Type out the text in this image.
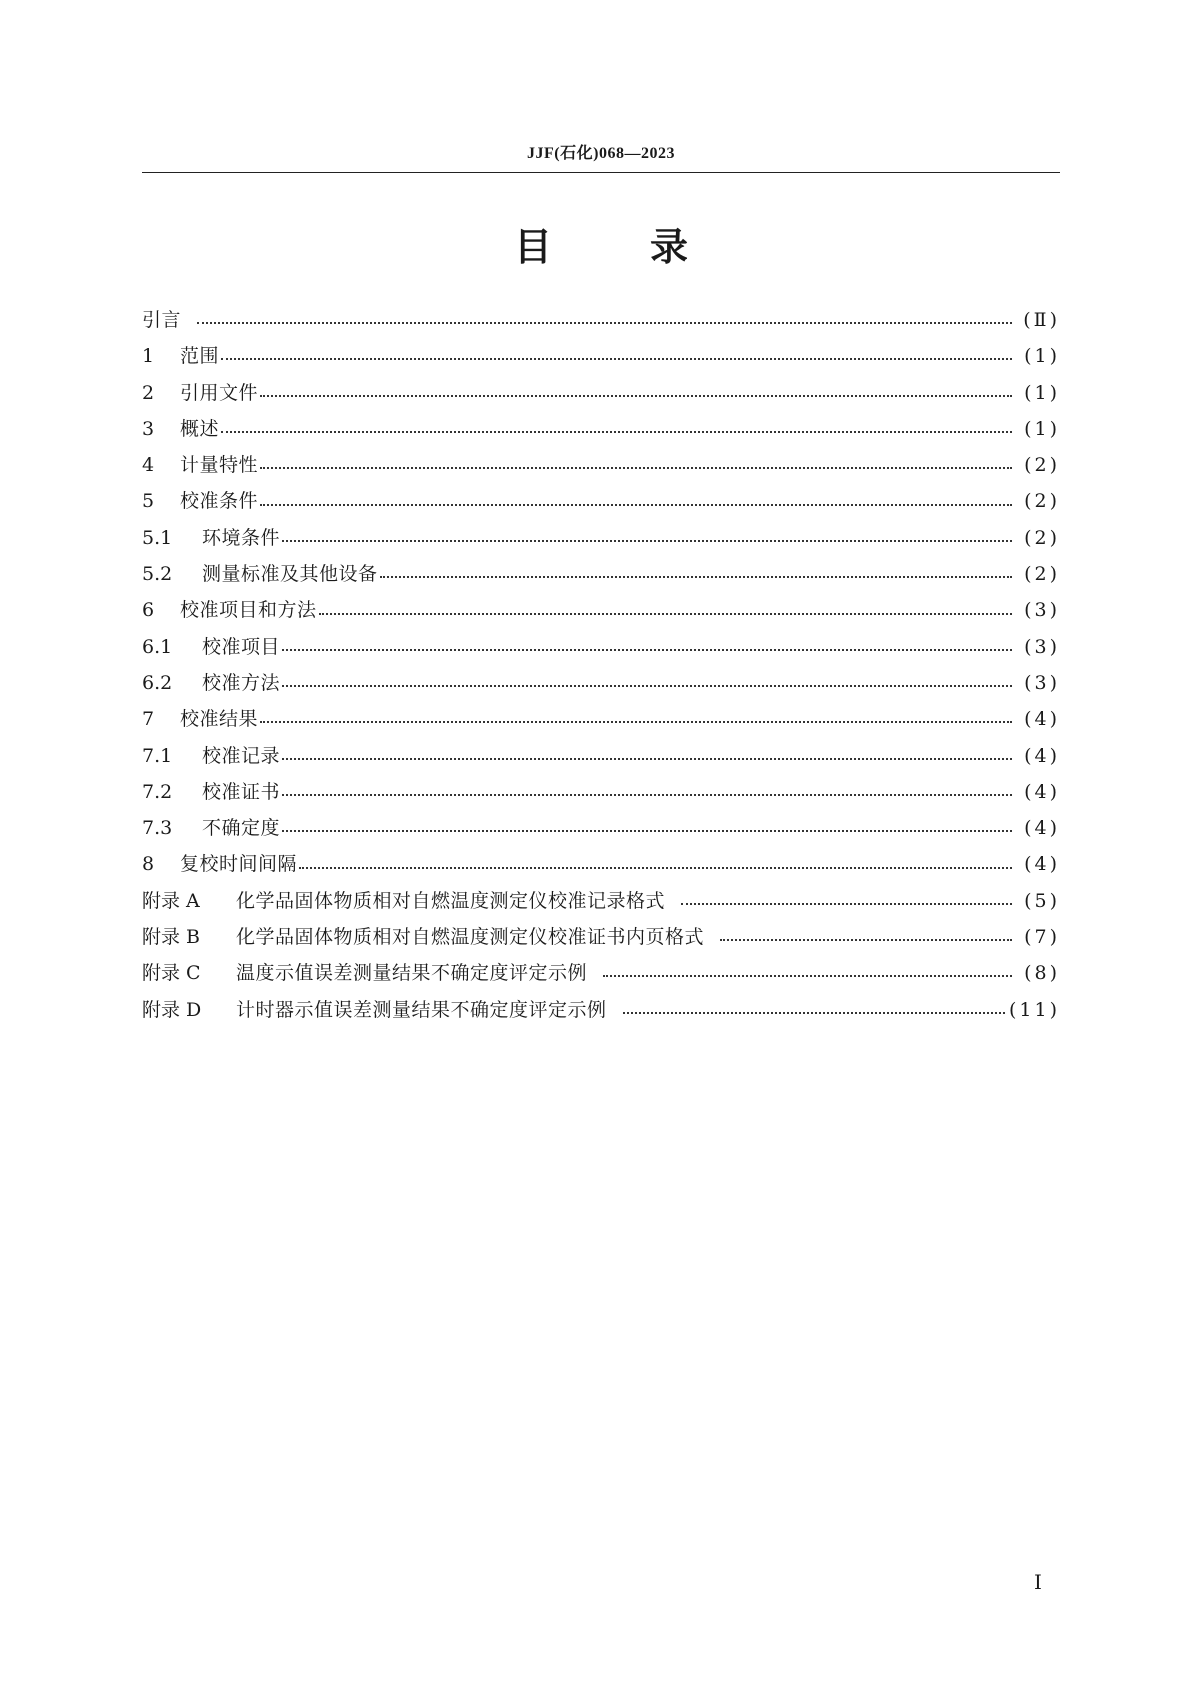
JJF(石化)068—2023
目	录
引言	(Ⅱ)
1	范围	(1)
2	引用文件	(1)
3	概述	(1)
4	计量特性	(2)
5	校准条件	(2)
5.1	环境条件	(2)
5.2	测量标准及其他设备	(2)
6	校准项目和方法	(3)
6.1	校准项目	(3)
6.2	校准方法	(3)
7	校准结果	(4)
7.1	校准记录	(4)
7.2	校准证书	(4)
7.3	不确定度	(4)
8	复校时间间隔	(4)
附录 A	化学品固体物质相对自燃温度测定仪校准记录格式	(5)
附录 B	化学品固体物质相对自燃温度测定仪校准证书内页格式	(7)
附录 C	温度示值误差测量结果不确定度评定示例	(8)
附录 D	计时器示值误差测量结果不确定度评定示例	(11)
Ⅰ
